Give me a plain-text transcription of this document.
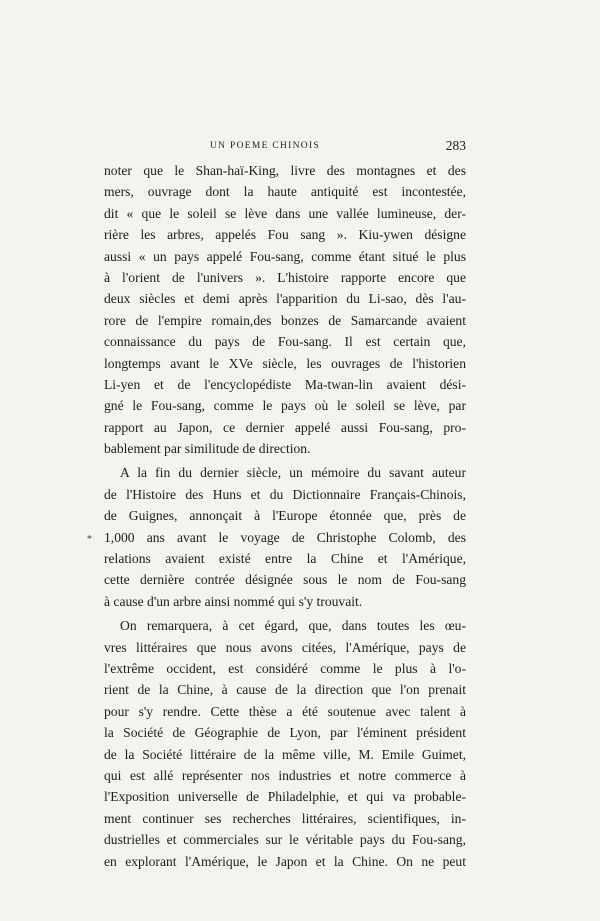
UN POEME CHINOIS	283
*
noter que le Shan-haï-King, livre des montagnes et des
mers, ouvrage dont la haute antiquité est incontestée,
dit « que le soleil se lève dans une vallée lumineuse, der-
rière les arbres, appelés Fou sang ». Kiu-ywen désigne
aussi « un pays appelé Fou-sang, comme étant situé le plus
à l'orient de l'univers ». L'histoire rapporte encore que
deux siècles et demi après l'apparition du Li-sao, dès l'au-
rore de l'empire romain,des bonzes de Samarcande avaient
connaissance du pays de Fou-sang. Il est certain que,
longtemps avant le XVe siècle, les ouvrages de l'historien
Li-yen et de l'encyclopédiste Ma-twan-lin avaient dési-
gné le Fou-sang, comme le pays où le soleil se lève, par
rapport au Japon, ce dernier appelé aussi Fou-sang, pro-
bablement par similitude de direction.
A la fin du dernier siècle, un mémoire du savant auteur
de l'Histoire des Huns et du Dictionnaire Français-Chinois,
de Guignes, annonçait à l'Europe étonnée que, près de
1,000 ans avant le voyage de Christophe Colomb, des
relations avaient existé entre la Chine et l'Amérique,
cette dernière contrée désignée sous le nom de Fou-sang
à cause d'un arbre ainsi nommé qui s'y trouvait.
On remarquera, à cet égard, que, dans toutes les œu-
vres littéraires que nous avons citées, l'Amérique, pays de
l'extrême occident, est considéré comme le plus à l'o-
rient de la Chine, à cause de la direction que l'on prenait
pour s'y rendre. Cette thèse a été soutenue avec talent à
la Société de Géographie de Lyon, par l'éminent président
de la Société littéraire de la même ville, M. Emile Guimet,
qui est allé représenter nos industries et notre commerce à
l'Exposition universelle de Philadelphie, et qui va probable-
ment continuer ses recherches littéraires, scientifiques, in-
dustrielles et commerciales sur le véritable pays du Fou-sang,
en explorant l'Amérique, le Japon et la Chine. On ne peut
